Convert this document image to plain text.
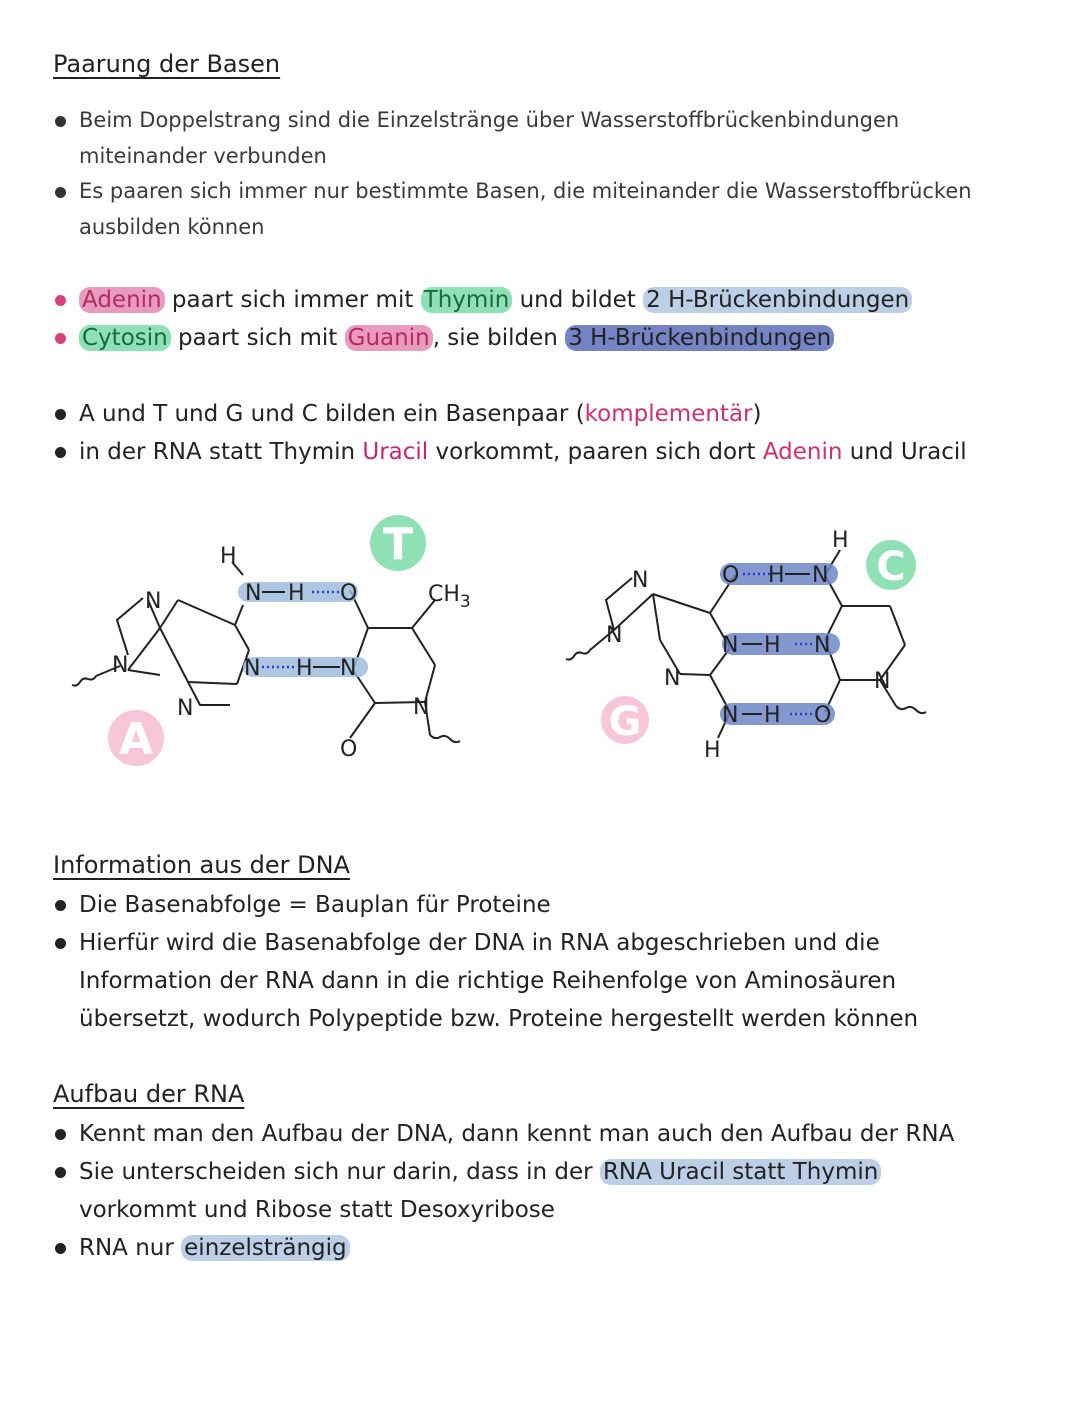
Paarung der Basen
Beim Doppelstrang sind die Einzelstränge über Wasserstoffbrückenbindungen
miteinander verbunden
Es paaren sich immer nur bestimmte Basen, die miteinander die Wasserstoffbrücken
ausbilden können
Adenin paart sich immer mit Thymin und bildet 2 H-Brückenbindungen
Cytosin paart sich mit Guanin , sie bilden 3 H-Brückenbindungen
A und T und G und C bilden ein Basenpaar (komplementär)
in der RNA statt Thymin Uracil vorkommt, paaren sich dort Adenin und Uracil
H
N H O
N H N
N
N
N
$CH_3$
N
O
N
N
N
O H N
H
N H N
N H O
H
N
A
T
G
C
Information aus der DNA
Die Basenabfolge = Bauplan für Proteine
Hierfür wird die Basenabfolge der DNA in RNA abgeschrieben und die
Information der RNA dann in die richtige Reihenfolge von Aminosäuren
übersetzt, wodurch Polypeptide bzw. Proteine hergestellt werden können
Aufbau der RNA
Kennt man den Aufbau der DNA, dann kennt man auch den Aufbau der RNA
Sie unterscheiden sich nur darin, dass in der RNA Uracil statt Thymin
vorkommt und Ribose statt Desoxyribose
RNA nur einzelsträngig
